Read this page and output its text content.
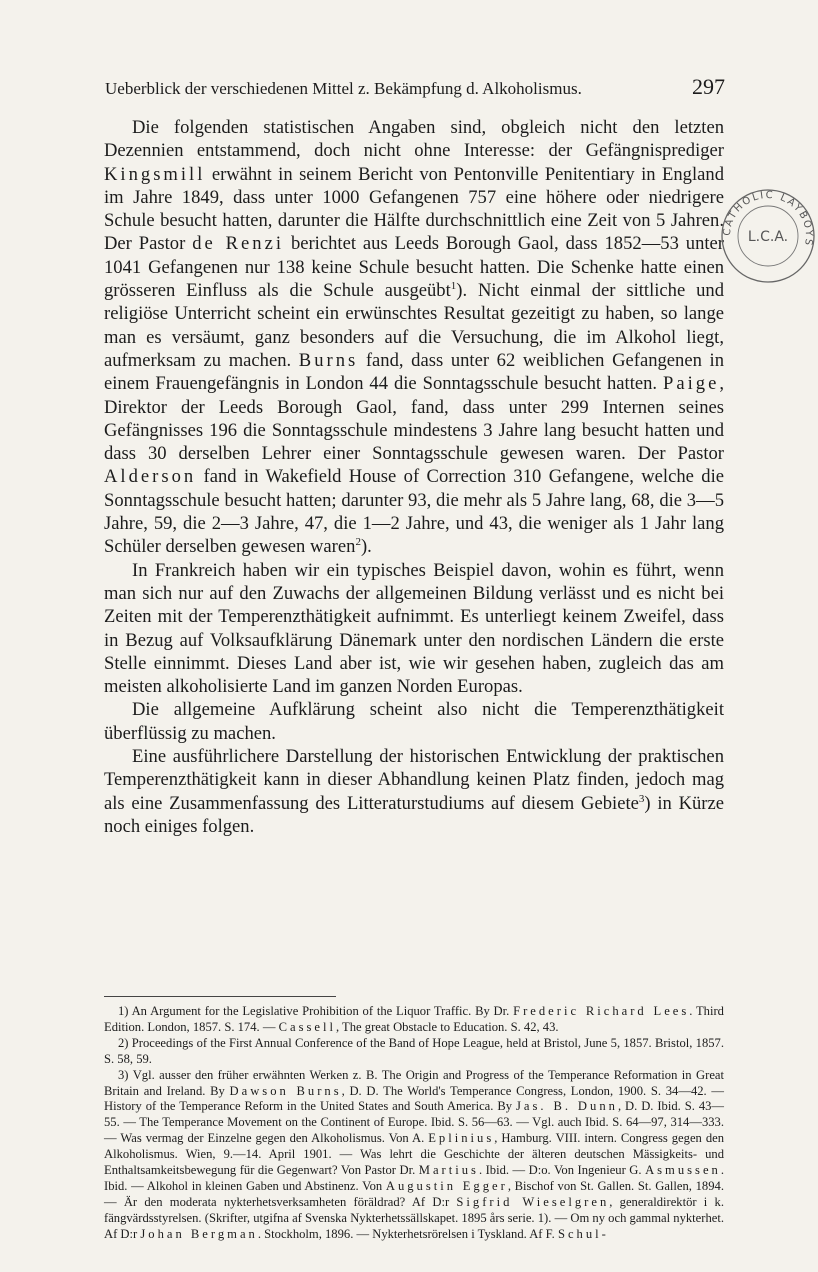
Ueberblick der verschiedenen Mittel z. Bekämpfung d. Alkoholismus.	297

Die folgenden statistischen Angaben sind, obgleich nicht den letzten Dezennien entstammend, doch nicht ohne Interesse: der Gefängnisprediger Kingsmill erwähnt in seinem Bericht von Pentonville Penitentiary in England im Jahre 1849, dass unter 1000 Gefangenen 757 eine höhere oder niedrigere Schule besucht hatten, darunter die Hälfte durchschnittlich eine Zeit von 5 Jahren. Der Pastor de Renzi berichtet aus Leeds Borough Gaol, dass 1852—53 unter 1041 Gefangenen nur 138 keine Schule besucht hatten. Die Schenke hatte einen grösseren Einfluss als die Schule ausgeübt$^1$). Nicht einmal der sittliche und religiöse Unterricht scheint ein erwünschtes Resultat gezeitigt zu haben, so lange man es versäumt, ganz besonders auf die Versuchung, die im Alkohol liegt, aufmerksam zu machen. Burns fand, dass unter 62 weiblichen Gefangenen in einem Frauengefängnis in London 44 die Sonntagsschule besucht hatten. Paige, Direktor der Leeds Borough Gaol, fand, dass unter 299 Internen seines Gefängnisses 196 die Sonntagsschule mindestens 3 Jahre lang besucht hatten und dass 30 derselben Lehrer einer Sonntagsschule gewesen waren. Der Pastor Alderson fand in Wakefield House of Correction 310 Gefangene, welche die Sonntagsschule besucht hatten; darunter 93, die mehr als 5 Jahre lang, 68, die 3—5 Jahre, 59, die 2—3 Jahre, 47, die 1—2 Jahre, und 43, die weniger als 1 Jahr lang Schüler derselben gewesen waren$^2$).

In Frankreich haben wir ein typisches Beispiel davon, wohin es führt, wenn man sich nur auf den Zuwachs der allgemeinen Bildung verlässt und es nicht bei Zeiten mit der Temperenzthätigkeit aufnimmt. Es unterliegt keinem Zweifel, dass in Bezug auf Volksaufklärung Dänemark unter den nordischen Ländern die erste Stelle einnimmt. Dieses Land aber ist, wie wir gesehen haben, zugleich das am meisten alkoholisierte Land im ganzen Norden Europas.

Die allgemeine Aufklärung scheint also nicht die Temperenzthätigkeit überflüssig zu machen.

Eine ausführlichere Darstellung der historischen Entwicklung der praktischen Temperenzthätigkeit kann in dieser Abhandlung keinen Platz finden, jedoch mag als eine Zusammenfassung des Litteraturstudiums auf diesem Gebiete$^3$) in Kürze noch einiges folgen.

1) An Argument for the Legislative Prohibition of the Liquor Traffic. By Dr. Frederic Richard Lees. Third Edition. London, 1857. S. 174. — Cassell, The great Obstacle to Education. S. 42, 43.

2) Proceedings of the First Annual Conference of the Band of Hope League, held at Bristol, June 5, 1857. Bristol, 1857. S. 58, 59.

3) Vgl. ausser den früher erwähnten Werken z. B. The Origin and Progress of the Temperance Reformation in Great Britain and Ireland. By Dawson Burns, D. D. The World's Temperance Congress, London, 1900. S. 34—42. — History of the Temperance Reform in the United States and South America. By Jas. B. Dunn, D. D. Ibid. S. 43—55. — The Temperance Movement on the Continent of Europe. Ibid. S. 56—63. — Vgl. auch Ibid. S. 64—97, 314—333. — Was vermag der Einzelne gegen den Alkoholismus. Von A. Eplinius, Hamburg. VIII. intern. Congress gegen den Alkoholismus. Wien, 9.—14. April 1901. — Was lehrt die Geschichte der älteren deutschen Mässigkeits- und Enthaltsamkeitsbewegung für die Gegenwart? Von Pastor Dr. Martius. Ibid. — D:o. Von Ingenieur G. Asmussen. Ibid. — Alkohol in kleinen Gaben und Abstinenz. Von Augustin Egger, Bischof von St. Gallen. St. Gallen, 1894. — Är den moderata nykterhetsverksamheten föräldrad? Af D:r Sigfrid Wieselgren, generaldirektör i k. fängvärdsstyrelsen. (Skrifter, utgifna af Svenska Nykterhetssällskapet. 1895 års serie. 1). — Om ny och gammal nykterhet. Af D:r Johan Bergman. Stockholm, 1896. — Nykterhetsrörelsen i Tyskland. Af F. Schul-

CATHOLIC LAYBOYS
L.C.A.
